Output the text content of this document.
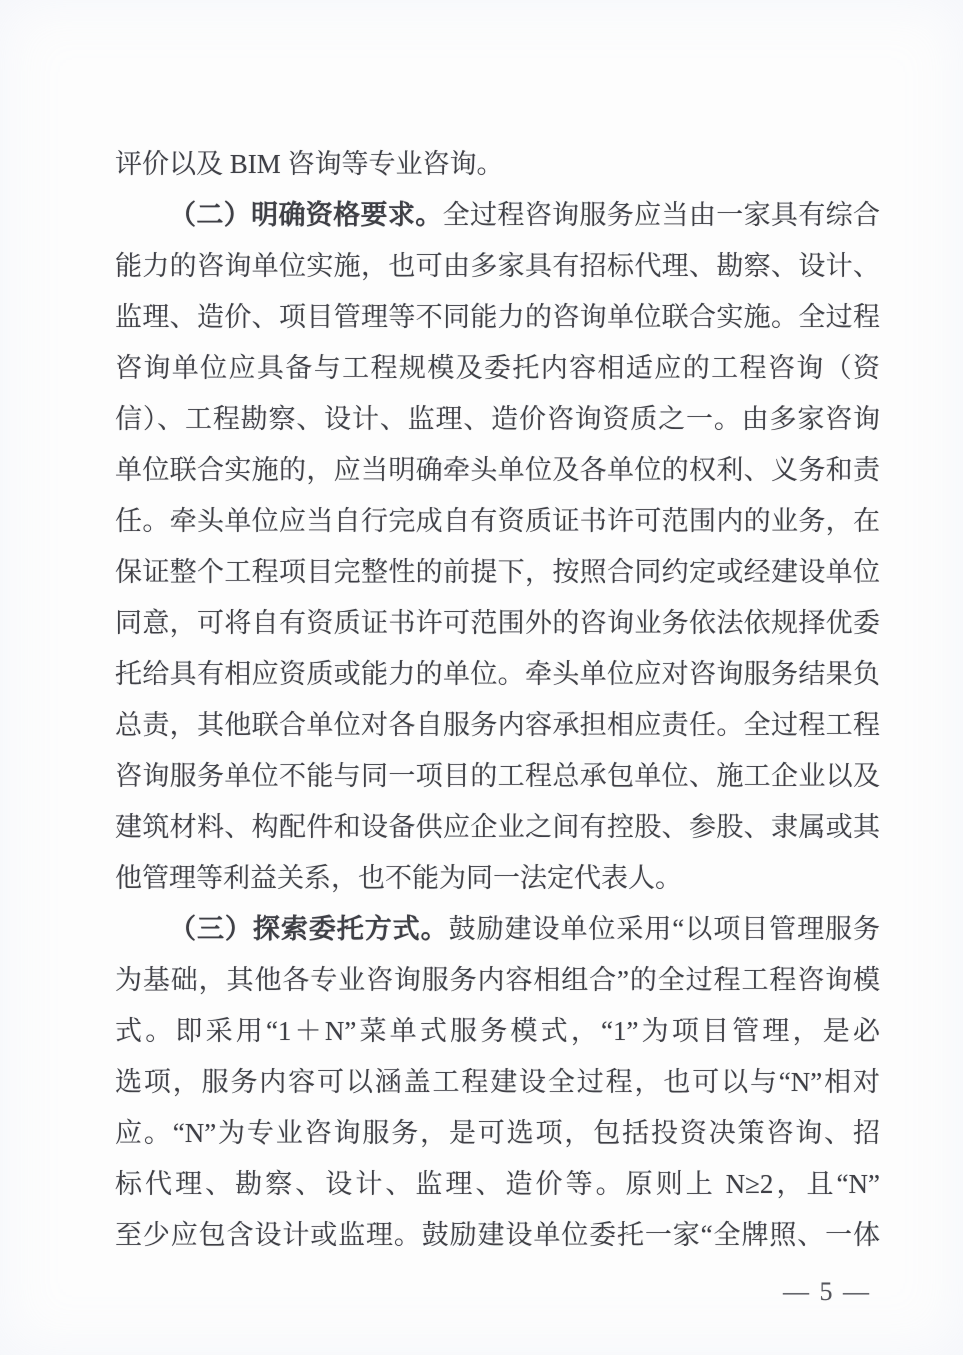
评价以及 BIM 咨询等专业咨询。
（二）明确资格要求。全过程咨询服务应当由一家具有综合
能力的咨询单位实施，也可由多家具有招标代理、勘察、设计、
监理、造价、项目管理等不同能力的咨询单位联合实施。全过程
咨询单位应具备与工程规模及委托内容相适应的工程咨询（资
信）、工程勘察、设计、监理、造价咨询资质之一。由多家咨询
单位联合实施的，应当明确牵头单位及各单位的权利、义务和责
任。牵头单位应当自行完成自有资质证书许可范围内的业务，在
保证整个工程项目完整性的前提下，按照合同约定或经建设单位
同意，可将自有资质证书许可范围外的咨询业务依法依规择优委
托给具有相应资质或能力的单位。牵头单位应对咨询服务结果负
总责，其他联合单位对各自服务内容承担相应责任。全过程工程
咨询服务单位不能与同一项目的工程总承包单位、施工企业以及
建筑材料、构配件和设备供应企业之间有控股、参股、隶属或其
他管理等利益关系，也不能为同一法定代表人。
（三）探索委托方式。鼓励建设单位采用“以项目管理服务
为基础，其他各专业咨询服务内容相组合”的全过程工程咨询模
式。即采用“1＋N”菜单式服务模式，“1”为项目管理，是必
选项，服务内容可以涵盖工程建设全过程，也可以与“N”相对
应。“N”为专业咨询服务，是可选项，包括投资决策咨询、招
标代理、勘察、设计、监理、造价等。原则上 N≥2，且“N”
至少应包含设计或监理。鼓励建设单位委托一家“全牌照、一体
— 5 —
